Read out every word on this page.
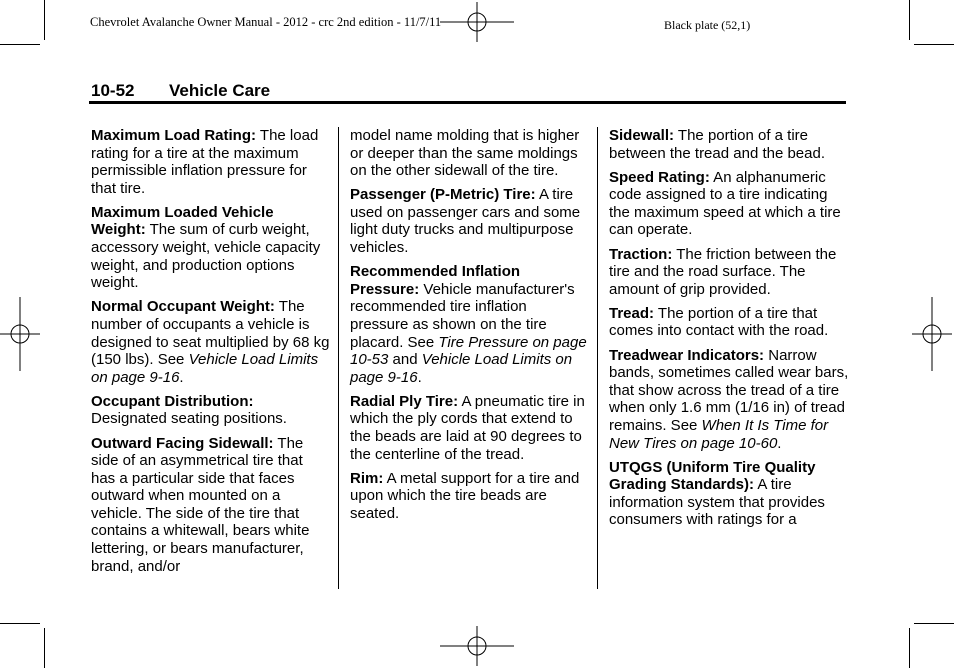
Chevrolet Avalanche Owner Manual - 2012 - crc 2nd edition - 11/7/11	Black plate (52,1)
10-52 Vehicle Care

Maximum Load Rating: The load rating for a tire at the maximum permissible inflation pressure for that tire.

Maximum Loaded Vehicle Weight: The sum of curb weight, accessory weight, vehicle capacity weight, and production options weight.

Normal Occupant Weight: The number of occupants a vehicle is designed to seat multiplied by 68 kg (150 lbs). See Vehicle Load Limits on page 9-16.

Occupant Distribution: Designated seating positions.

Outward Facing Sidewall: The side of an asymmetrical tire that has a particular side that faces outward when mounted on a vehicle. The side of the tire that contains a whitewall, bears white lettering, or bears manufacturer, brand, and/or

model name molding that is higher or deeper than the same moldings on the other sidewall of the tire.

Passenger (P-Metric) Tire: A tire used on passenger cars and some light duty trucks and multipurpose vehicles.

Recommended Inflation Pressure: Vehicle manufacturer's recommended tire inflation pressure as shown on the tire placard. See Tire Pressure on page 10-53 and Vehicle Load Limits on page 9-16.

Radial Ply Tire: A pneumatic tire in which the ply cords that extend to the beads are laid at 90 degrees to the centerline of the tread.

Rim: A metal support for a tire and upon which the tire beads are seated.

Sidewall: The portion of a tire between the tread and the bead.

Speed Rating: An alphanumeric code assigned to a tire indicating the maximum speed at which a tire can operate.

Traction: The friction between the tire and the road surface. The amount of grip provided.

Tread: The portion of a tire that comes into contact with the road.

Treadwear Indicators: Narrow bands, sometimes called wear bars, that show across the tread of a tire when only 1.6 mm (1/16 in) of tread remains. See When It Is Time for New Tires on page 10-60.

UTQGS (Uniform Tire Quality Grading Standards): A tire information system that provides consumers with ratings for a
